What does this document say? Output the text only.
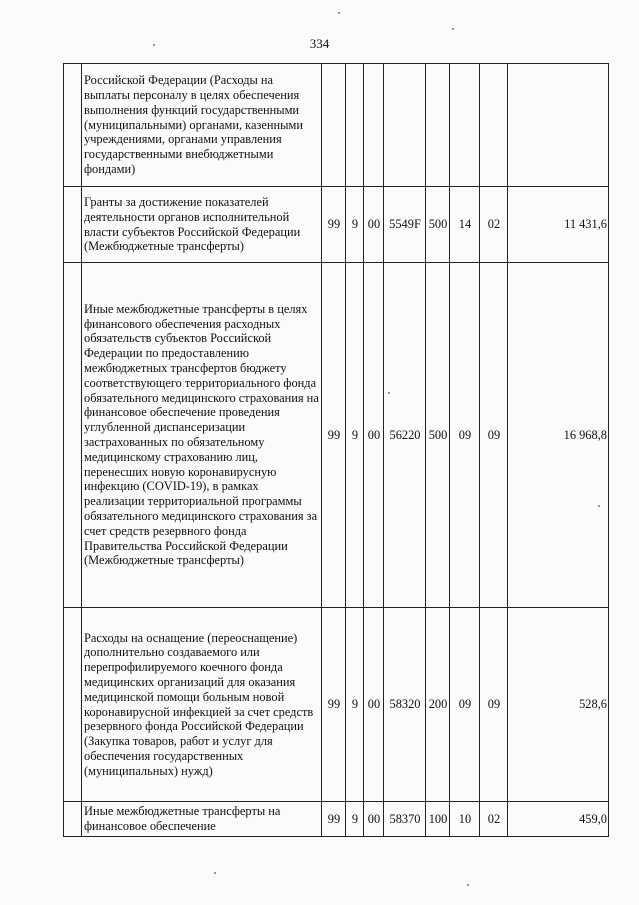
334
	Российской Федерации (Расходы на выплаты персоналу в целях обеспечения выполнения функций государственными (муниципальными) органами, казенными учреждениями, органами управления государственными внебюджетными фондами)								
	Гранты за достижение показателей деятельности органов исполнительной власти субъектов Российской Федерации (Межбюджетные трансферты)	99	9	00	5549F	500	14	02	11 431,6
	Иные межбюджетные трансферты в целях финансового обеспечения расходных обязательств субъектов Российской Федерации по предоставлению межбюджетных трансфертов бюджету соответствующего территориального фонда обязательного медицинского страхования на финансовое обеспечение проведения углубленной диспансеризации застрахованных по обязательному медицинскому страхованию лиц, перенесших новую коронавирусную инфекцию (COVID-19), в рамках реализации территориальной программы обязательного медицинского страхования за счет средств резервного фонда Правительства Российской Федерации (Межбюджетные трансферты)	99	9	00	56220	500	09	09	16 968,8
	Расходы на оснащение (переоснащение) дополнительно создаваемого или перепрофилируемого коечного фонда медицинских организаций для оказания медицинской помощи больным новой коронавирусной инфекцией за счет средств резервного фонда Российской Федерации (Закупка товаров, работ и услуг для обеспечения государственных (муниципальных) нужд)	99	9	00	58320	200	09	09	528,6
	Иные межбюджетные трансферты на финансовое обеспечение	99	9	00	58370	100	10	02	459,0
